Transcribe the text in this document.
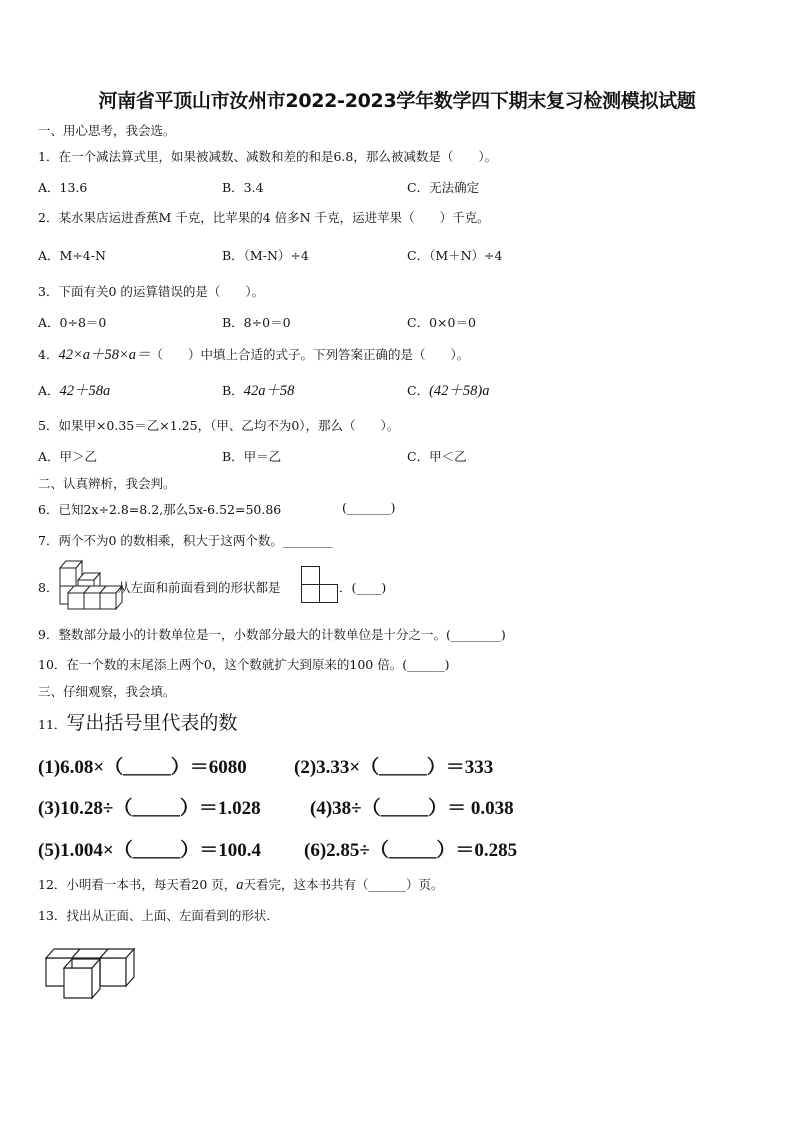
河南省平顶山市汝州市2022-2023学年数学四下期末复习检测模拟试题
一、用心思考，我会选。
1．在一个减法算式里，如果被减数、减数和差的和是6.8，那么被减数是（　　）。
A．13.6	B．3.4	C．无法确定
2．某水果店运进香蕉M 千克，比苹果的4 倍多N 千克，运进苹果（　　）千克。
A．M÷4-N	B．（M-N）÷4	C．（M＋N）÷4
3．下面有关0 的运算错误的是（　　）。
A．0÷8＝0	B．8÷0＝0	C．0×0＝0
4．42×a＋58×a＝（　　）中填上合适的式子。下列答案正确的是（　　）。
A．42＋58a	B．42a＋58	C．(42＋58)a
5．如果甲×0.35＝乙×1.25，（甲、乙均不为0），那么（　　）。
A．甲＞乙	B．甲＝乙	C．甲＜乙
二、认真辨析，我会判。
6．已知2x÷2.8=8.2,那么5x-6.52=50.86	(_______)
7．两个不为0 的数相乘，积大于这两个数。________
8．	从左面和前面看到的形状都是	．(____)
9．整数部分最小的计数单位是一，小数部分最大的计数单位是十分之一。(________)
10．在一个数的末尾添上两个0，这个数就扩大到原来的100 倍。(______)
三、仔细观察，我会填。
11．写出括号里代表的数
(1)6.08×（_____）＝6080 (2)3.33×（_____）＝333
(3)10.28÷（_____）＝1.028	(4)38÷（_____）＝ 0.038
(5)1.004×（_____）＝100.4 (6)2.85÷（_____）＝0.285
12．小明看一本书，每天看20 页，a天看完，这本书共有（______）页。
13．找出从正面、上面、左面看到的形状．
